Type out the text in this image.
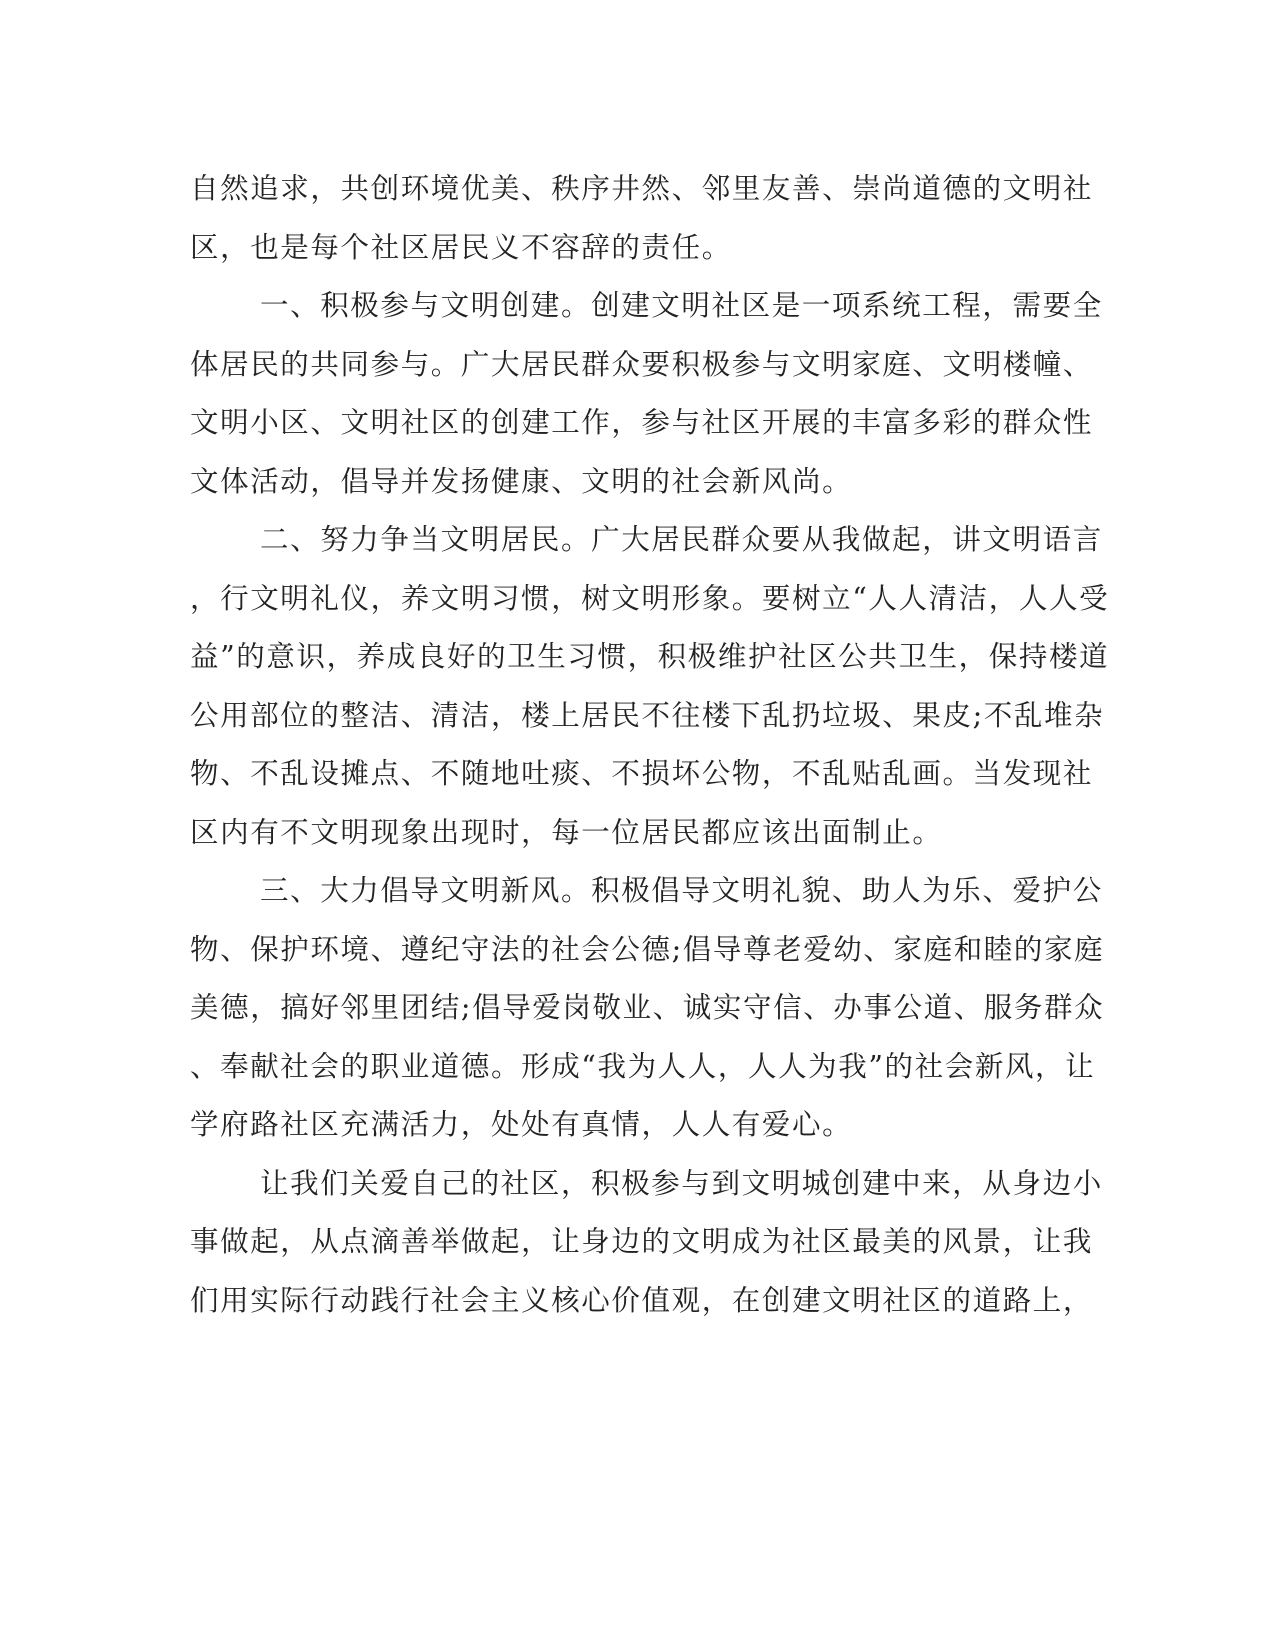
自然追求，共创环境优美、秩序井然、邻里友善、崇尚道德的文明社
区，也是每个社区居民义不容辞的责任。
一、积极参与文明创建。创建文明社区是一项系统工程，需要全
体居民的共同参与。广大居民群众要积极参与文明家庭、文明楼幢、
文明小区、文明社区的创建工作，参与社区开展的丰富多彩的群众性
文体活动，倡导并发扬健康、文明的社会新风尚。
二、努力争当文明居民。广大居民群众要从我做起，讲文明语言
，行文明礼仪，养文明习惯，树文明形象。要树立“人人清洁，人人受
益”的意识，养成良好的卫生习惯，积极维护社区公共卫生，保持楼道
公用部位的整洁、清洁，楼上居民不往楼下乱扔垃圾、果皮;不乱堆杂
物、不乱设摊点、不随地吐痰、不损坏公物，不乱贴乱画。当发现社
区内有不文明现象出现时，每一位居民都应该出面制止。
三、大力倡导文明新风。积极倡导文明礼貌、助人为乐、爱护公
物、保护环境、遵纪守法的社会公德;倡导尊老爱幼、家庭和睦的家庭
美德，搞好邻里团结;倡导爱岗敬业、诚实守信、办事公道、服务群众
、奉献社会的职业道德。形成“我为人人，人人为我”的社会新风，让
学府路社区充满活力，处处有真情，人人有爱心。
让我们关爱自己的社区，积极参与到文明城创建中来，从身边小
事做起，从点滴善举做起，让身边的文明成为社区最美的风景，让我
们用实际行动践行社会主义核心价值观，在创建文明社区的道路上，
